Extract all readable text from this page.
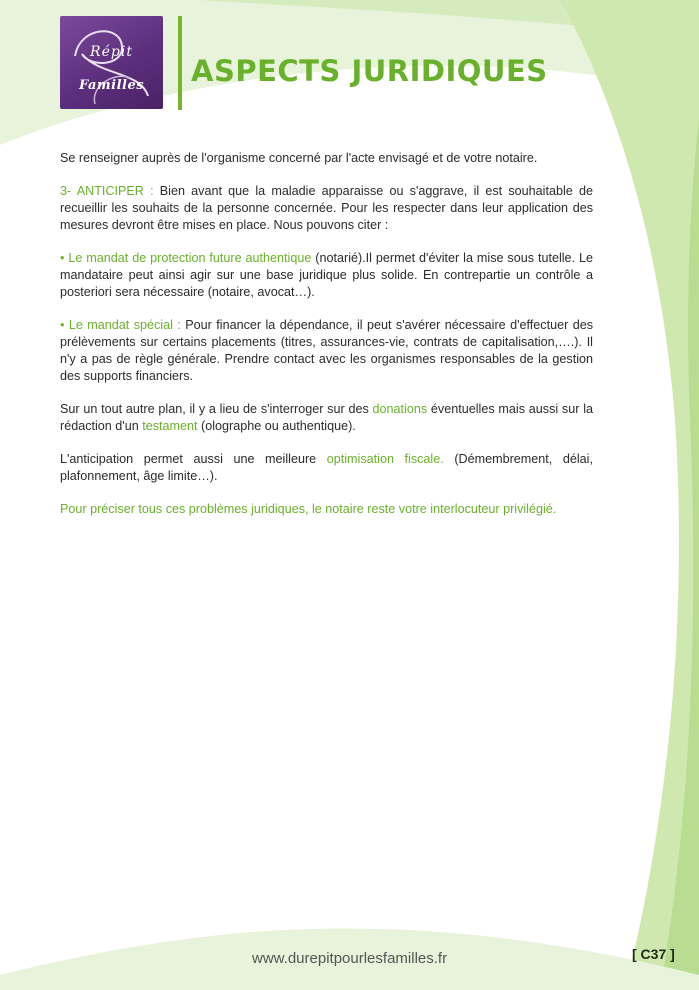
Répit
Familles	ASPECTS JURIDIQUES

Se renseigner auprès de l'organisme concerné par l'acte envisagé et de votre notaire.

3- ANTICIPER : Bien avant que la maladie apparaisse ou s'aggrave, il est souhaitable de recueillir les souhaits de la personne concernée. Pour les respecter dans leur application des mesures devront être mises en place. Nous pouvons citer :

• Le mandat de protection future authentique (notarié).Il permet d'éviter la mise sous tutelle. Le mandataire peut ainsi agir sur une base juridique plus solide. En contrepartie un contrôle a posteriori sera nécessaire (notaire, avocat…).

• Le mandat spécial : Pour financer la dépendance, il peut s'avérer nécessaire d'effectuer des prélèvements sur certains placements (titres, assurances-vie, contrats de capitalisation,….). Il n'y a pas de règle générale. Prendre contact avec les organismes responsables de la gestion des supports financiers.

Sur un tout autre plan, il y a lieu de s'interroger sur des donations éventuelles mais aussi sur la rédaction d'un testament (olographe ou authentique).

L'anticipation permet aussi une meilleure optimisation fiscale. (Démembrement, délai, plafonnement, âge limite…).

Pour préciser tous ces problèmes juridiques, le notaire reste votre interlocuteur privilégié.

www.durepitpourlesfamilles.fr	[ C37 ]
